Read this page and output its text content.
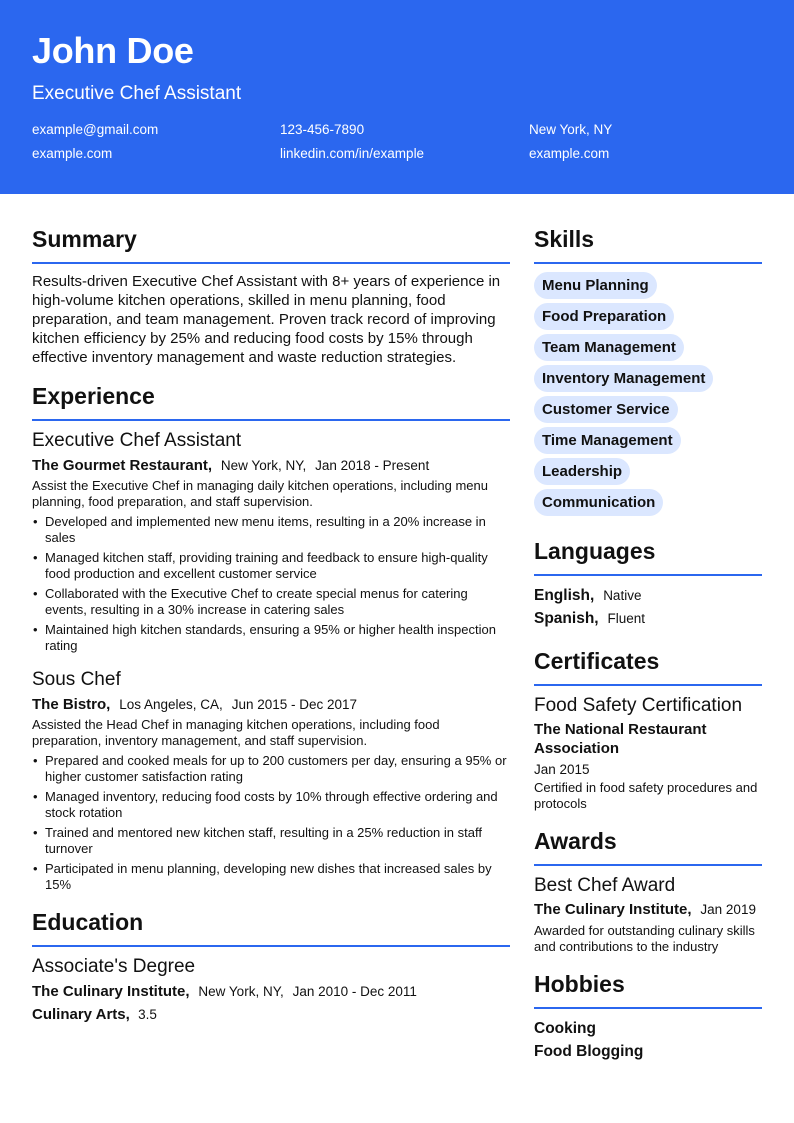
John Doe
Executive Chef Assistant
example@gmail.com	123-456-7890	New York, NY
example.com	linkedin.com/in/example	example.com
Summary

Results-driven Executive Chef Assistant with 8+ years of experience in high-volume kitchen operations, skilled in menu planning, food preparation, and team management. Proven track record of improving kitchen efficiency by 25% and reducing food costs by 15% through effective inventory management and waste reduction strategies.

Experience
Executive Chef Assistant
The Gourmet Restaurant, New York, NY, Jan 2018 - Present

Assist the Executive Chef in managing daily kitchen operations, including menu planning, food preparation, and staff supervision.

• Developed and implemented new menu items, resulting in a 20% increase in sales
• Managed kitchen staff, providing training and feedback to ensure high-quality food production and excellent customer service
• Collaborated with the Executive Chef to create special menus for catering events, resulting in a 30% increase in catering sales
• Maintained high kitchen standards, ensuring a 95% or higher health inspection rating
Sous Chef
The Bistro, Los Angeles, CA, Jun 2015 - Dec 2017

Assisted the Head Chef in managing kitchen operations, including food preparation, inventory management, and staff supervision.

• Prepared and cooked meals for up to 200 customers per day, ensuring a 95% or higher customer satisfaction rating
• Managed inventory, reducing food costs by 10% through effective ordering and stock rotation
• Trained and mentored new kitchen staff, resulting in a 25% reduction in staff turnover
• Participated in menu planning, developing new dishes that increased sales by 15%
Education
Associate's Degree
The Culinary Institute, New York, NY, Jan 2010 - Dec 2011
Culinary Arts, 3.5
Skills
Menu Planning
Food Preparation
Team Management
Inventory Management
Customer Service
Time Management
Leadership
Communication
Languages
English, Native
Spanish, Fluent
Certificates
Food Safety Certification
The National Restaurant Association
Jan 2015
Certified in food safety procedures and protocols
Awards
Best Chef Award
The Culinary Institute, Jan 2019
Awarded for outstanding culinary skills and contributions to the industry
Hobbies
Cooking
Food Blogging
